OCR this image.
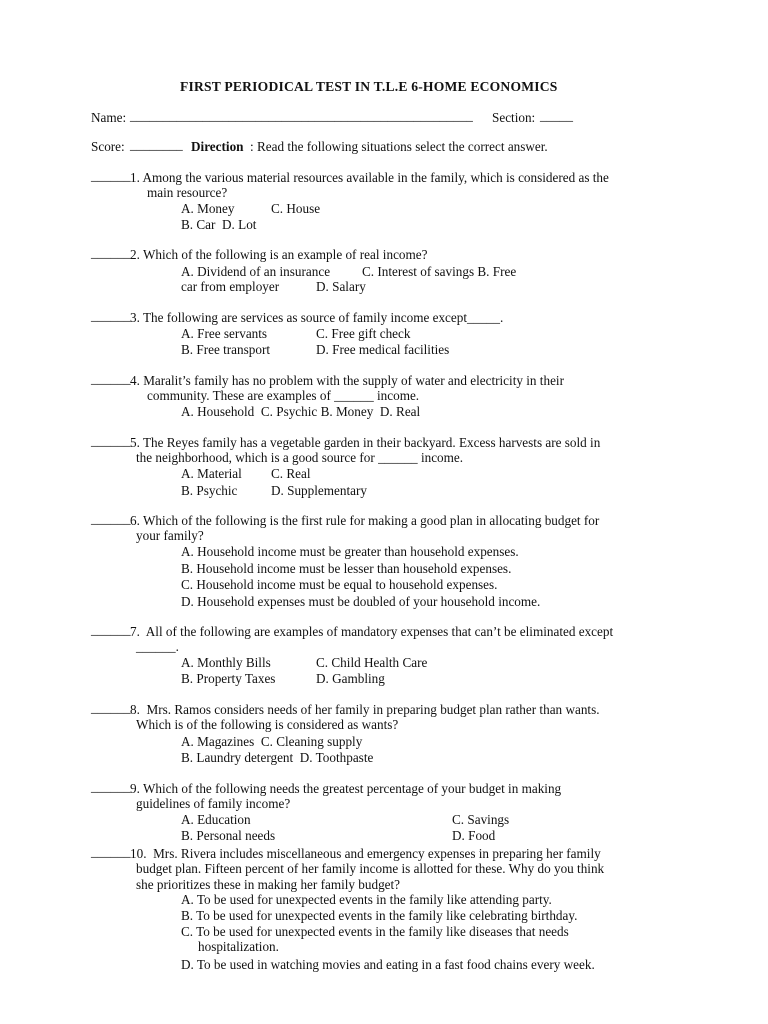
FIRST PERIODICAL TEST IN T.L.E 6-HOME ECONOMICS
Name: ____________________________________________________ Section: _____
Score: ________ Direction : Read the following situations select the correct answer.
______ 1. Among the various material resources available in the family, which is considered as the
main resource?
A. Money	C. House
B. Car  D. Lot
______ 2. Which of the following is an example of real income?
A. Dividend of an insurance C. Interest of savings B. Free
car from employer	D. Salary
______ 3. The following are services as source of family income except_____.
A. Free servants	C. Free gift check
B. Free transport	D. Free medical facilities
______ 4. Maralit’s family has no problem with the supply of water and electricity in their
community. These are examples of ______ income.
A. Household  C. Psychic B. Money  D. Real
______ 5. The Reyes family has a vegetable garden in their backyard. Excess harvests are sold in
the neighborhood, which is a good source for ______ income.
A. Material C. Real
B. Psychic	D. Supplementary
______ 6. Which of the following is the first rule for making a good plan in allocating budget for
your family?
A. Household income must be greater than household expenses.
B. Household income must be lesser than household expenses.
C. Household income must be equal to household expenses.
D. Household expenses must be doubled of your household income.
______ 7.  All of the following are examples of mandatory expenses that can’t be eliminated except
______.
A. Monthly Bills	C. Child Health Care
B. Property Taxes	D. Gambling
______ 8.  Mrs. Ramos considers needs of her family in preparing budget plan rather than wants.
Which is of the following is considered as wants?
A. Magazines  C. Cleaning supply
B. Laundry detergent  D. Toothpaste
______ 9. Which of the following needs the greatest percentage of your budget in making
guidelines of family income?
A. Education	C. Savings
B. Personal needs	D. Food
______ 10.  Mrs. Rivera includes miscellaneous and emergency expenses in preparing her family
budget plan. Fifteen percent of her family income is allotted for these. Why do you think
she prioritizes these in making her family budget?
A. To be used for unexpected events in the family like attending party.
B. To be used for unexpected events in the family like celebrating birthday.
C. To be used for unexpected events in the family like diseases that needs
hospitalization.
D. To be used in watching movies and eating in a fast food chains every week.
